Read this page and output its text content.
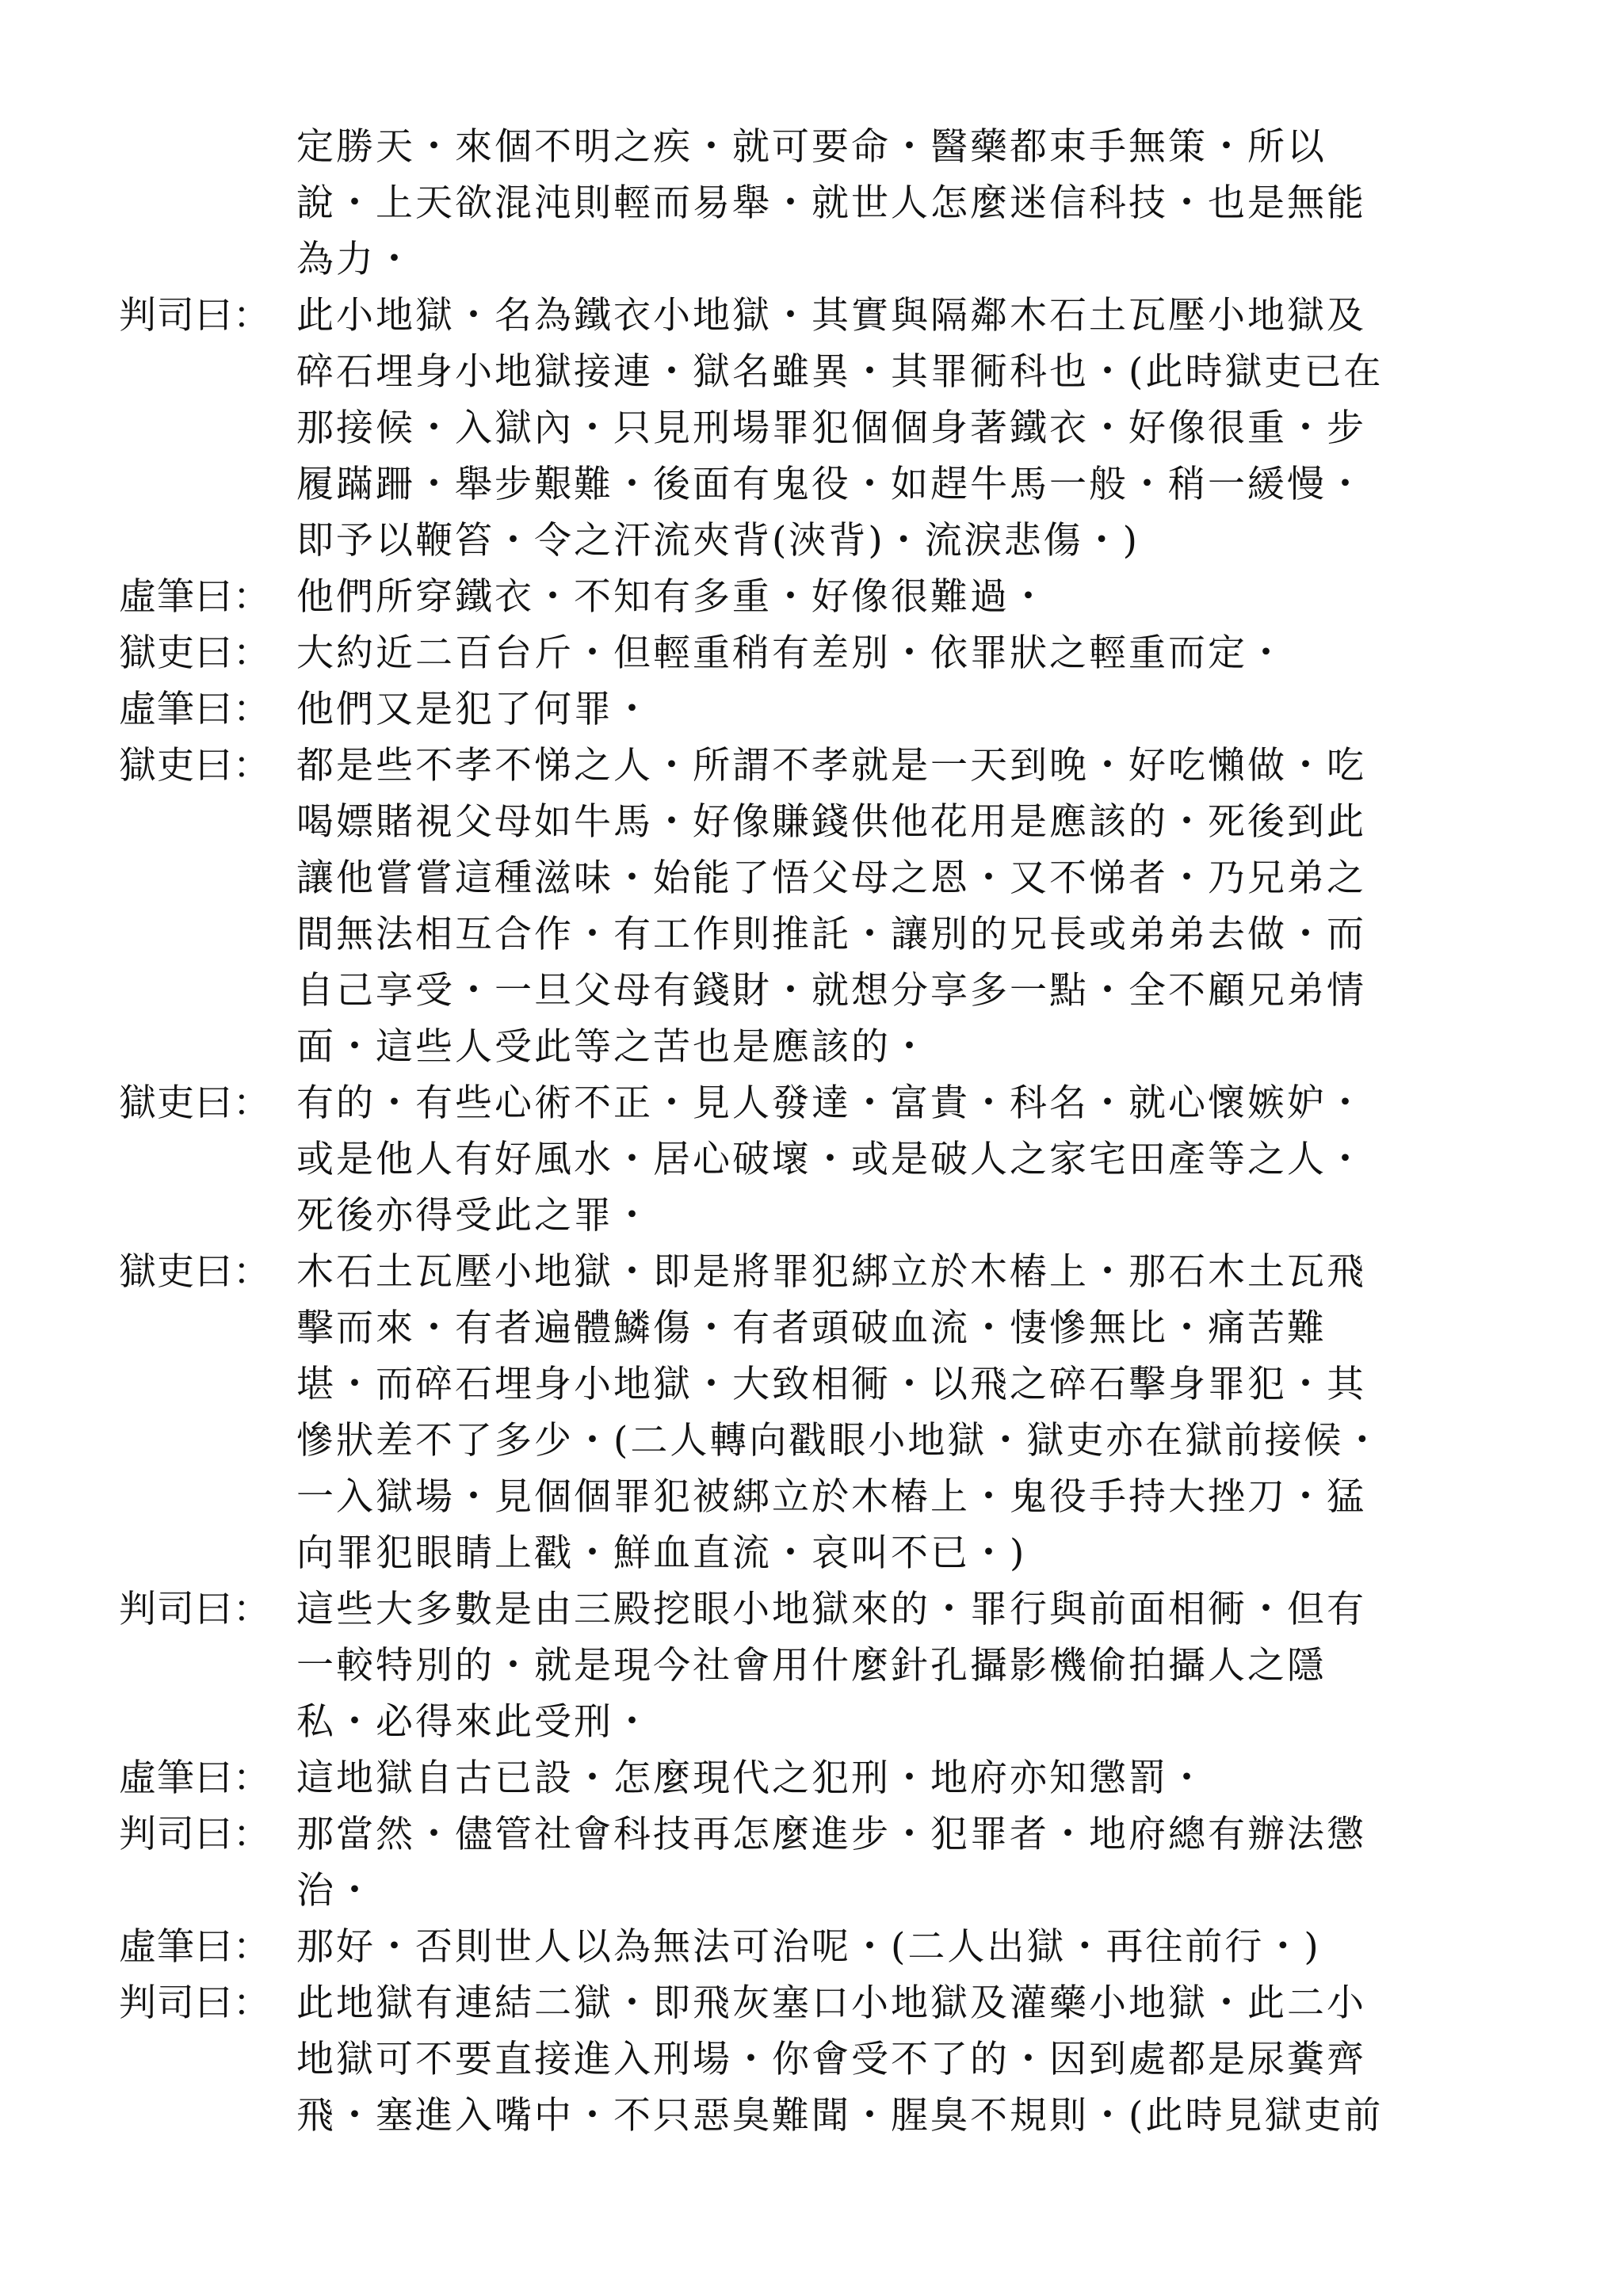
定勝天・來個不明之疾・就可要命・醫藥都束手無策・所以
說・上天欲混沌則輕而易舉・就世人怎麼迷信科技・也是無能
為力・
判司曰： 此小地獄・名為鐵衣小地獄・其實與隔鄰木石土瓦壓小地獄及
碎石埋身小地獄接連・獄名雖異・其罪衕科也・(此時獄吏已在
那接候・入獄內・只見刑場罪犯個個身著鐵衣・好像很重・步
履蹣跚・舉步艱難・後面有鬼役・如趕牛馬一般・稍一緩慢・
即予以鞭笞・令之汗流夾背(浹背)・流淚悲傷・)
虛筆曰： 他們所穿鐵衣・不知有多重・好像很難過・
獄吏曰： 大約近二百台斤・但輕重稍有差別・依罪狀之輕重而定・
虛筆曰： 他們又是犯了何罪・
獄吏曰： 都是些不孝不悌之人・所謂不孝就是一天到晚・好吃懶做・吃
喝嫖賭視父母如牛馬・好像賺錢供他花用是應該的・死後到此
讓他嘗嘗這種滋味・始能了悟父母之恩・又不悌者・乃兄弟之
間無法相互合作・有工作則推託・讓別的兄長或弟弟去做・而
自己享受・一旦父母有錢財・就想分享多一點・全不顧兄弟情
面・這些人受此等之苦也是應該的・
獄吏曰： 有的・有些心術不正・見人發達・富貴・科名・就心懷嫉妒・
或是他人有好風水・居心破壞・或是破人之家宅田產等之人・
死後亦得受此之罪・
獄吏曰： 木石土瓦壓小地獄・即是將罪犯綁立於木樁上・那石木土瓦飛
擊而來・有者遍體鱗傷・有者頭破血流・悽慘無比・痛苦難
堪・而碎石埋身小地獄・大致相衕・以飛之碎石擊身罪犯・其
慘狀差不了多少・(二人轉向戳眼小地獄・獄吏亦在獄前接候・
一入獄場・見個個罪犯被綁立於木樁上・鬼役手持大挫刀・猛
向罪犯眼睛上戳・鮮血直流・哀叫不已・)
判司曰： 這些大多數是由三殿挖眼小地獄來的・罪行與前面相衕・但有
一較特別的・就是現今社會用什麼針孔攝影機偷拍攝人之隱
私・必得來此受刑・
虛筆曰： 這地獄自古已設・怎麼現代之犯刑・地府亦知懲罰・
判司曰： 那當然・儘管社會科技再怎麼進步・犯罪者・地府總有辦法懲
治・
虛筆曰： 那好・否則世人以為無法可治呢・(二人出獄・再往前行・)
判司曰： 此地獄有連結二獄・即飛灰塞口小地獄及灌藥小地獄・此二小
地獄可不要直接進入刑場・你會受不了的・因到處都是尿糞齊
飛・塞進入嘴中・不只惡臭難聞・腥臭不規則・(此時見獄吏前
